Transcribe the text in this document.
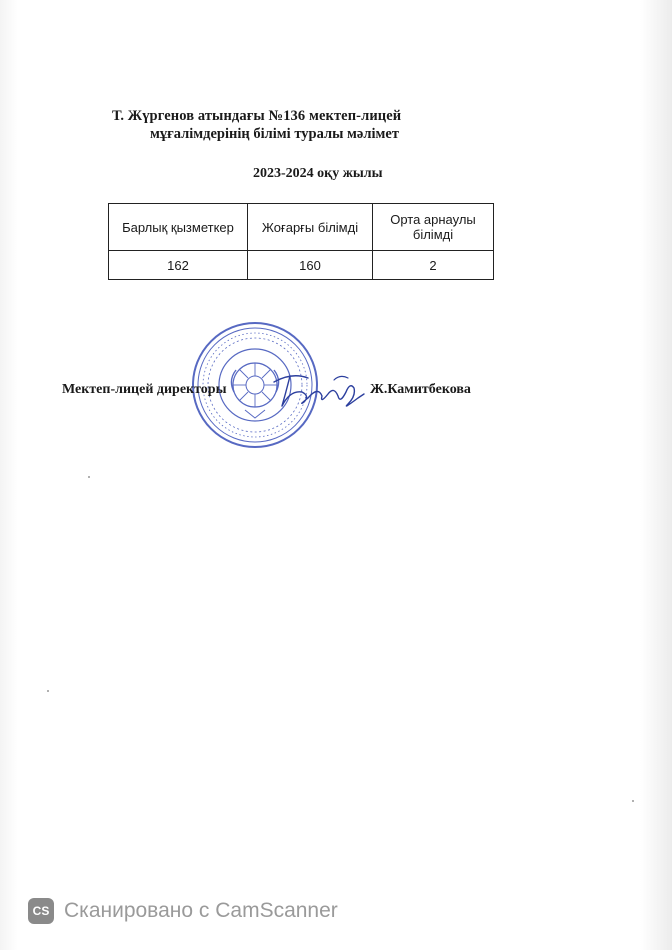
Т. Жүргенов атындағы №136 мектеп-лицей
мұғалімдерінің білімі туралы мәлімет
2023-2024 оқу жылы
Барлық қызметкер	Жоғарғы білімді	Орта арнаулы білімді
162	160	2
Мектеп-лицей директоры	Ж.Камитбекова
CS Сканировано с CamScanner
